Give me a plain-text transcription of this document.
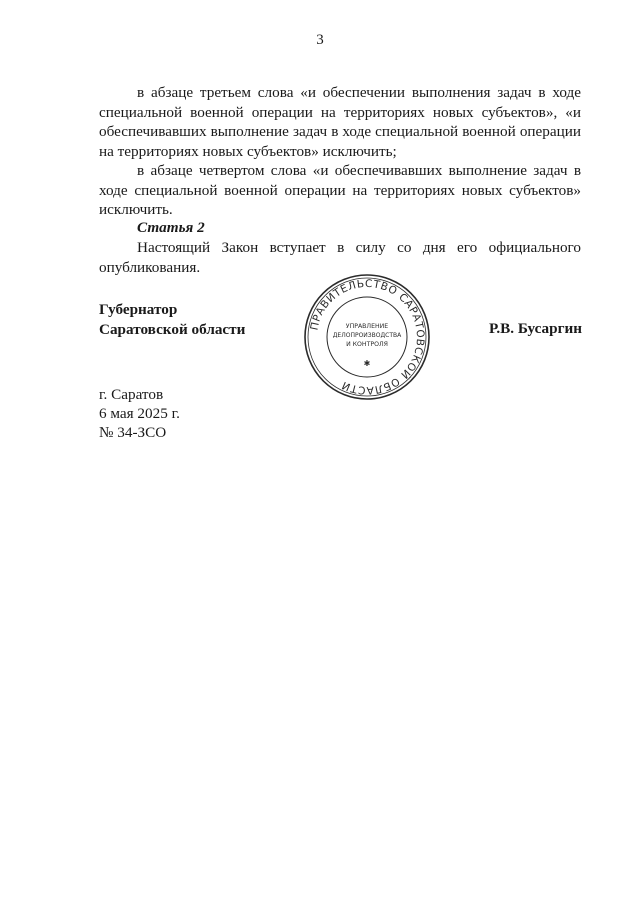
3

в абзаце третьем слова «и обеспечении выполнения задач в ходе специальной военной операции на территориях новых субъектов», «и обеспечивавших выполнение задач в ходе специальной военной операции на территориях новых субъектов» исключить;

в абзаце четвертом слова «и обеспечивавших выполнение задач в ходе специальной военной операции на территориях новых субъектов» исключить.

Статья 2

Настоящий Закон вступает в силу со дня его официального опубликования.

Губернатор
Саратовской области	ПРАВИТЕЛЬСТВО САРАТОВСКОЙ ОБЛАСТИ
УПРАВЛЕНИЕ
ДЕЛОПРОИЗВОДСТВА
И КОНТРОЛЯ
✱
Р.В. Бусаргин
г. Саратов
6 мая 2025 г.
№ 34-ЗСО
